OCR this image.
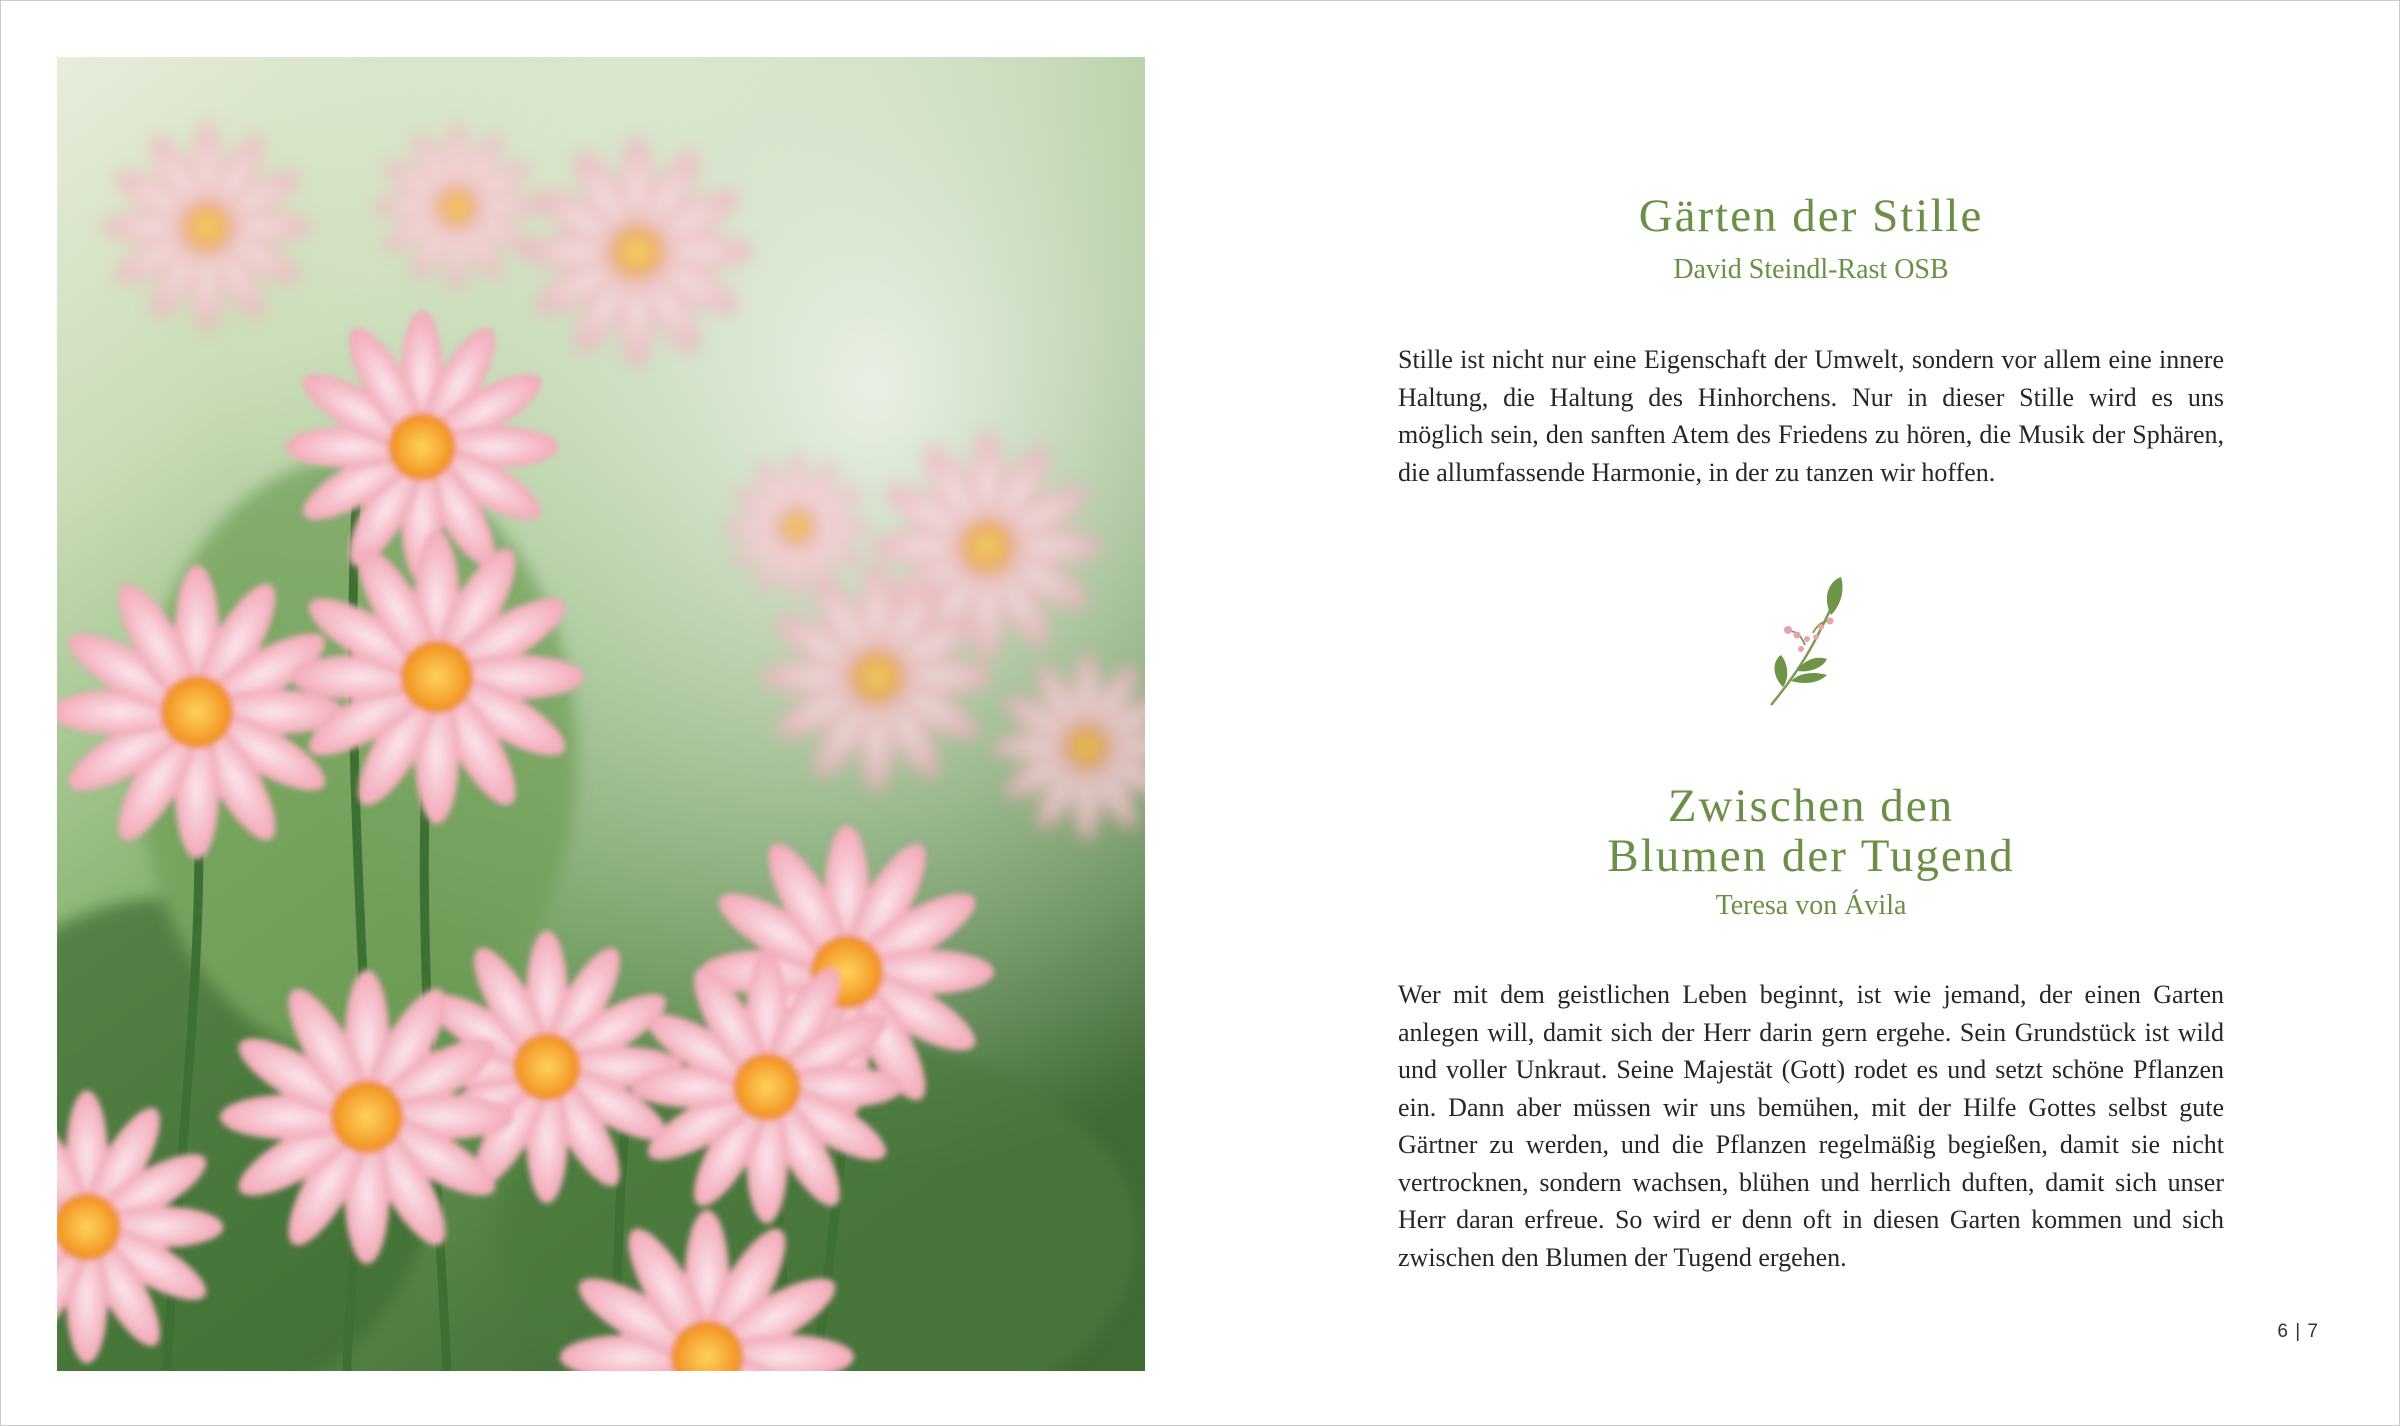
Gärten der Stille

David Steindl-Rast OSB

Stille ist nicht nur eine Eigenschaft der Umwelt, sondern vor allem eine innere Haltung, die Haltung des Hinhorchens. Nur in dieser Stille wird es uns möglich sein, den sanften Atem des Friedens zu hören, die Musik der Sphären, die allumfassende Harmonie, in der zu tanzen wir hoffen.

Zwischen den
Blumen der Tugend

Teresa von Ávila

Wer mit dem geistlichen Leben beginnt, ist wie jemand, der einen Garten anlegen will, damit sich der Herr darin gern ergehe. Sein Grundstück ist wild und voller Unkraut. Seine Majestät (Gott) rodet es und setzt schöne Pflanzen ein. Dann aber müssen wir uns bemühen, mit der Hilfe Gottes selbst gute Gärtner zu werden, und die Pflanzen regelmäßig begießen, damit sie nicht vertrocknen, sondern wachsen, blühen und herrlich duften, damit sich unser Herr daran erfreue. So wird er denn oft in diesen Garten kommen und sich zwischen den Blumen der Tugend ergehen.

6 | 7
